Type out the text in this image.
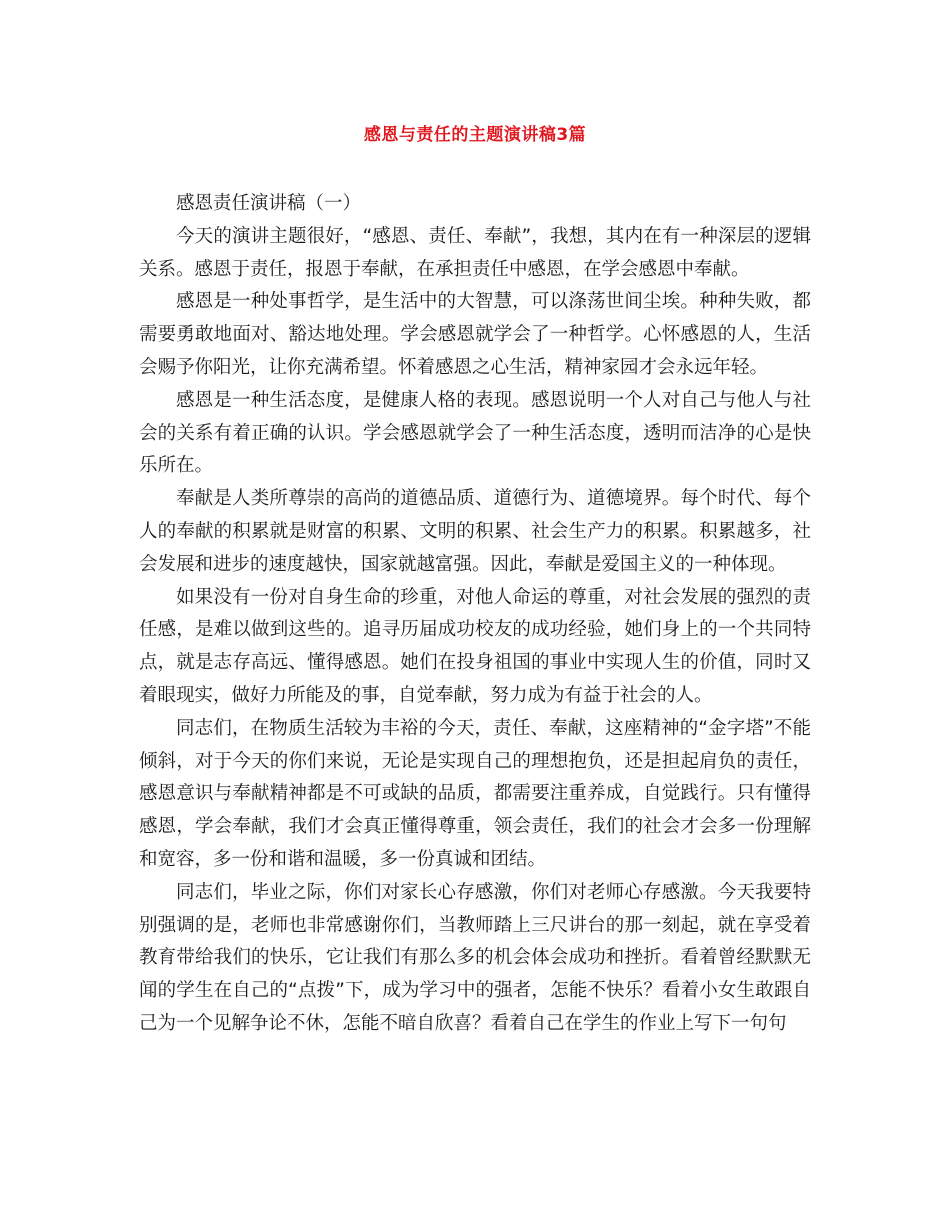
感恩与责任的主题演讲稿3篇

感恩责任演讲稿（一）

今天的演讲主题很好，“感恩、责任、奉献”，我想，其内在有一种深层的逻辑关系。感恩于责任，报恩于奉献，在承担责任中感恩，在学会感恩中奉献。

感恩是一种处事哲学，是生活中的大智慧，可以涤荡世间尘埃。种种失败，都需要勇敢地面对、豁达地处理。学会感恩就学会了一种哲学。心怀感恩的人，生活会赐予你阳光，让你充满希望。怀着感恩之心生活，精神家园才会永远年轻。

感恩是一种生活态度，是健康人格的表现。感恩说明一个人对自己与他人与社会的关系有着正确的认识。学会感恩就学会了一种生活态度，透明而洁净的心是快乐所在。

奉献是人类所尊崇的高尚的道德品质、道德行为、道德境界。每个时代、每个人的奉献的积累就是财富的积累、文明的积累、社会生产力的积累。积累越多，社会发展和进步的速度越快，国家就越富强。因此，奉献是爱国主义的一种体现。

如果没有一份对自身生命的珍重，对他人命运的尊重，对社会发展的强烈的责任感，是难以做到这些的。追寻历届成功校友的成功经验，她们身上的一个共同特点，就是志存高远、懂得感恩。她们在投身祖国的事业中实现人生的价值，同时又着眼现实，做好力所能及的事，自觉奉献，努力成为有益于社会的人。

同志们，在物质生活较为丰裕的今天，责任、奉献，这座精神的“金字塔”不能倾斜，对于今天的你们来说，无论是实现自己的理想抱负，还是担起肩负的责任，感恩意识与奉献精神都是不可或缺的品质，都需要注重养成，自觉践行。只有懂得感恩，学会奉献，我们才会真正懂得尊重，领会责任，我们的社会才会多一份理解和宽容，多一份和谐和温暖，多一份真诚和团结。

同志们，毕业之际，你们对家长心存感激，你们对老师心存感激。今天我要特别强调的是，老师也非常感谢你们，当教师踏上三尺讲台的那一刻起，就在享受着教育带给我们的快乐，它让我们有那么多的机会体会成功和挫折。看着曾经默默无闻的学生在自己的“点拨”下，成为学习中的强者，怎能不快乐？看着小女生敢跟自己为一个见解争论不休，怎能不暗自欣喜？看着自己在学生的作业上写下一句句
